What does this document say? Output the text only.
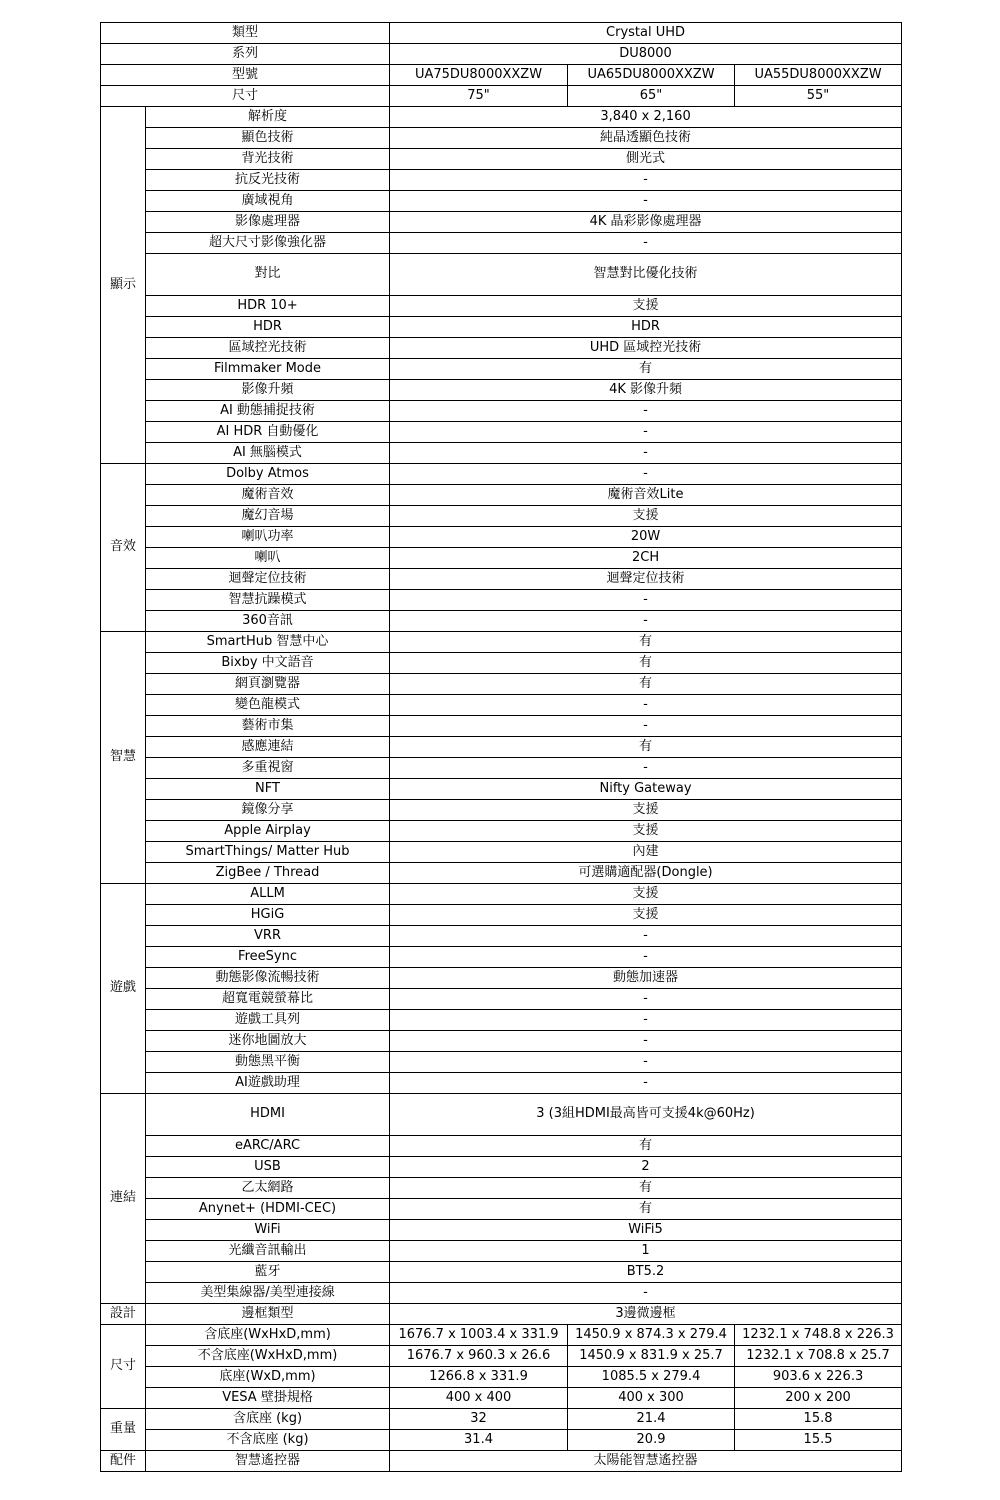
類型		Crystal UHD		
系列		DU8000		
型號		UA75DU8000XXZW	UA65DU8000XXZW	UA55DU8000XXZW
尺寸		75"	65"	55"
顯示	解析度	3,840 x 2,160		
	顯色技術	純晶透顯色技術		
	背光技術	側光式		
	抗反光技術	-		
	廣域視角	-		
	影像處理器	4K 晶彩影像處理器		
	超大尺寸影像強化器	-		
	對比	智慧對比優化技術		
	HDR 10+	支援		
	HDR	HDR		
	區域控光技術	UHD 區域控光技術		
	Filmmaker Mode	有		
	影像升頻	4K 影像升頻		
	AI 動態捕捉技術	-		
	AI HDR 自動優化	-		
	AI 無腦模式	-		
音效	Dolby Atmos	-		
	魔術音效	魔術音效Lite		
	魔幻音場	支援		
	喇叭功率	20W		
	喇叭	2CH		
	迴聲定位技術	迴聲定位技術		
	智慧抗躁模式	-		
	360音訊	-		
智慧	SmartHub 智慧中心	有		
	Bixby 中文語音	有		
	網頁瀏覽器	有		
	變色龍模式	-		
	藝術市集	-		
	感應連結	有		
	多重視窗	-		
	NFT	Nifty Gateway		
	鏡像分享	支援		
	Apple Airplay	支援		
	SmartThings/ Matter Hub	內建		
	ZigBee / Thread	可選購適配器(Dongle)		
遊戲	ALLM	支援		
	HGiG	支援		
	VRR	-		
	FreeSync	-		
	動態影像流暢技術	動態加速器		
	超寬電競螢幕比	-		
	遊戲工具列	-		
	迷你地圖放大	-		
	動態黑平衡	-		
	AI遊戲助理	-		
連結	HDMI	3 (3組HDMI最高皆可支援4k@60Hz)		
	eARC/ARC	有		
	USB	2		
	乙太網路	有		
	Anynet+ (HDMI-CEC)	有		
	WiFi	WiFi5		
	光纖音訊輸出	1		
	藍牙	BT5.2		
	美型集線器/美型連接線	-		
設計	邊框類型	3邊微邊框		
尺寸	含底座(WxHxD,mm)	1676.7 x 1003.4 x 331.9	1450.9 x 874.3 x 279.4	1232.1 x 748.8 x 226.3
	不含底座(WxHxD,mm)	1676.7 x 960.3 x 26.6	1450.9 x 831.9 x 25.7	1232.1 x 708.8 x 25.7
	底座(WxD,mm)	1266.8 x 331.9	1085.5 x 279.4	903.6 x 226.3
	VESA 壁掛規格	400 x 400	400 x 300	200 x 200
重量	含底座 (kg)	32	21.4	15.8
	不含底座 (kg)	31.4	20.9	15.5
配件	智慧遙控器	太陽能智慧遙控器		
